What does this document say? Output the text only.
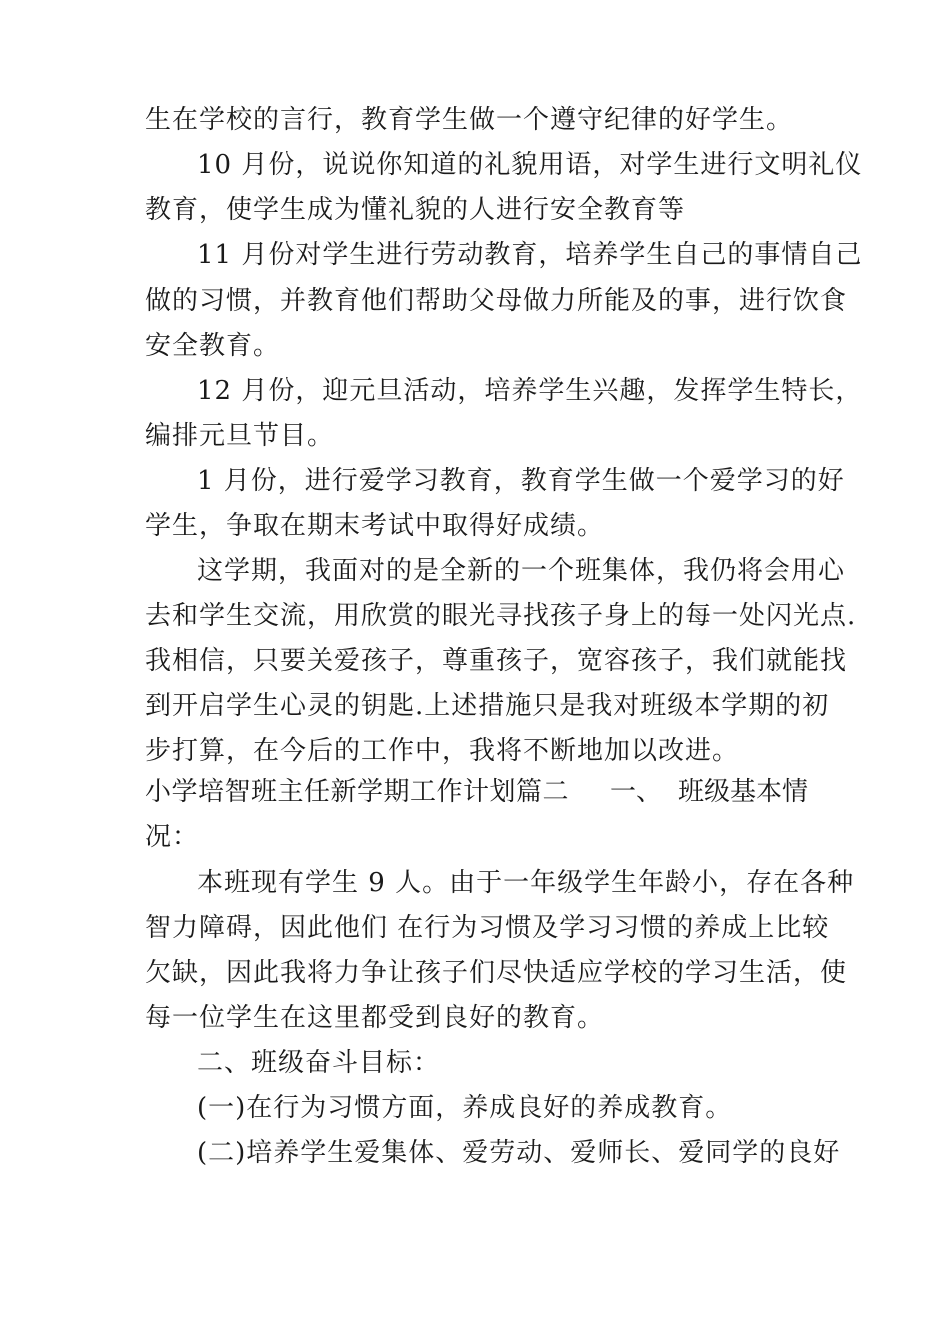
生在学校的言行，教育学生做一个遵守纪律的好学生。
10 月份，说说你知道的礼貌用语，对学生进行文明礼仪
教育，使学生成为懂礼貌的人进行安全教育等
11 月份对学生进行劳动教育，培养学生自己的事情自己
做的习惯，并教育他们帮助父母做力所能及的事，进行饮食
安全教育。
12 月份，迎元旦活动，培养学生兴趣，发挥学生特长，
编排元旦节目。
1 月份，进行爱学习教育，教育学生做一个爱学习的好
学生，争取在期末考试中取得好成绩。
这学期，我面对的是全新的一个班集体，我仍将会用心
去和学生交流，用欣赏的眼光寻找孩子身上的每一处闪光点.
我相信，只要关爱孩子，尊重孩子，宽容孩子，我们就能找
到开启学生心灵的钥匙.上述措施只是我对班级本学期的初
步打算，在今后的工作中，我将不断地加以改进。
小学培智班主任新学期工作计划篇二	一、 班级基本情
况：
本班现有学生 9 人。由于一年级学生年龄小，存在各种
智力障碍，因此他们 在行为习惯及学习习惯的养成上比较
欠缺，因此我将力争让孩子们尽快适应学校的学习生活，使
每一位学生在这里都受到良好的教育。
二、班级奋斗目标：
(一)在行为习惯方面，养成良好的养成教育。
(二)培养学生爱集体、爱劳动、爱师长、爱同学的良好
